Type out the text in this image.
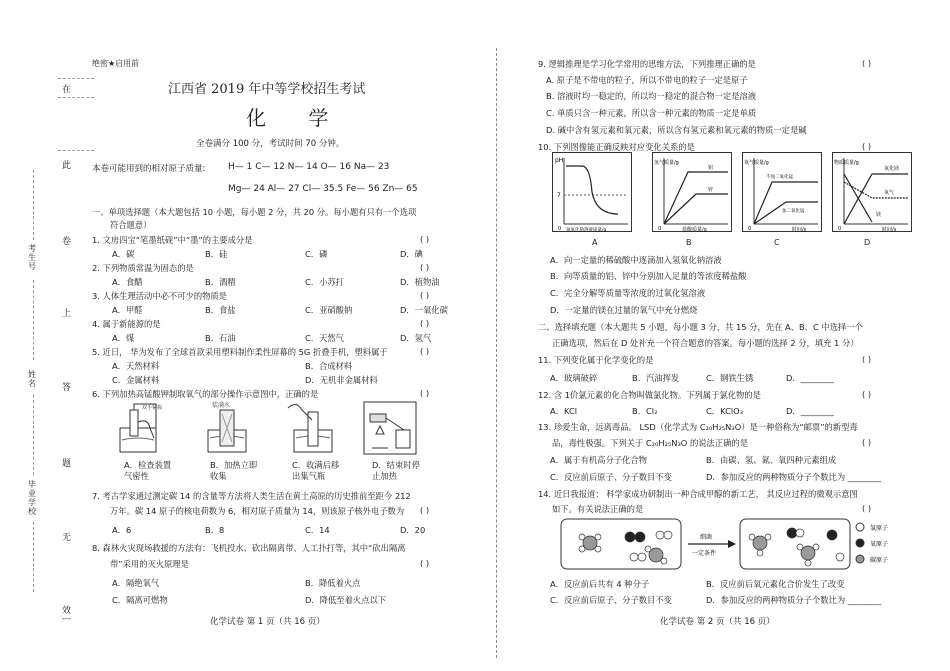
在
此
卷
上
答
题
无
效
---
考生号
姓名
毕业学校
绝密★启用前
江西省 2019 年中等学校招生考试
化 学
全卷满分 100 分，考试时间 70 分钟。
本卷可能用到的相对原子质量:	H— 1 C— 12 N— 14 O— 16 Na— 23
Mg— 24 Al— 27 Cl— 35.5 Fe— 56 Zn— 65
一、单项选择题（本大题包括 10 小题，每小题 2 分，共 20 分。每小题有只有一个选项
符合题意）
1. 文房四宝“笔墨纸砚”中“墨”的主要成分是	( )
A．碳	B．硅	C．磷	D．碘
2. 下列物质常温为固态的是	( )
A．食醋	B．酒精	C．小苏打	D．植物油
3. 人体生理活动中必不可少的物质是	( )
A．甲醛	B．食盐	C．亚硝酸钠	D．一氧化碳
4. 属于新能源的是	( )
A．煤	B．石油	C．天然气	D．氢气
5. 近日， 华为发布了全球首款采用塑料制作柔性屏幕的 5G 折叠手机，塑料属于	( )
A．天然材料	B．合成材料
C．金属材料	D．无机非金属材料
6. 下列加热高锰酸钾制取氧气的部分操作示意图中，正确的是	( )
双手紧握	装满水
A．检查装置
气密性
B．加热立即
收集
C．收满后移
出集气瓶
D．结束时停
止加热
7. 考古学家通过测定碳 14 的含量等方法将人类生活在黄土高原的历史推前至距今 212
万年。碳 14 原子的核电荷数为 6，相对原子质量为 14，则该原子核外电子数为 ( )
A．6	B．8	C．14	D．20
8. 森林火灾现场救援的方法有：飞机投水、砍出隔离带、人工扑打等，其中“砍出隔离
带”采用的灭火原理是	( )
A．隔绝氧气	B．降低着火点
C．隔离可燃物	D．降低至着火点以下
化学试卷 第 1 页（共 16 页）
9. 逻辑推理是学习化学常用的思维方法，下列推理正确的是	( )
A. 原子是不带电的粒子，所以不带电的粒子一定是原子
B. 溶液时均一稳定的，所以均一稳定的混合物一定是溶液
C. 单质只含一种元素，所以含一种元素的物质一定是单质
D. 碱中含有氢元素和氧元素，所以含有氢元素和氧元素的物质一定是碱
10. 下列图像能正确反映对应变化关系的是	( )
pH
7
0 氢氧化钠溶液质量/g
氢气质量/g
0
铝
锌
盐酸质量/g
氧气质量/g
0
不加二氧化锰
加二氧化锰
时间/s
物质质量/g
0
氧化镁
氧气
镁
时间/s
A	B	C	D
A．向一定量的稀硫酸中逐滴加入氢氧化钠溶液
B．向等质量的铝、锌中分别加入足量的等浓度稀盐酸
C．完全分解等质量等浓度的过氧化氢溶液
D．一定量的镁在过量的氧气中充分燃烧
二、选择填充题（本大题共 5 小题，每小题 3 分，共 15 分，先在 A、B、C 中选择一个
正确选项，然后在 D 处补充一个符合题意的答案。每小题的选择 2 分，填充 1 分）
11. 下列变化属于化学变化的是	( )
A．玻璃破碎	B．汽油挥发	C．钢铁生锈	D．________
12. 含 1价氯元素的化合物叫做氯化物。下列属于氯化物的是	( )
A．KCl	B．Cl₂	C．KClO₃	D．________
13. 珍爱生命，远离毒品。 LSD（化学式为 C₂₀H₂₅N₃O）是一种俗称为“邮票”的新型毒
品，毒性极强。下列关于 C₂₀H₂₅N₃O 的说法正确的是	( )
A．属于有机高分子化合物	B．由碳、氢、氮、氧四种元素组成
C．反应前后原子、分子数目不变	D．参加反应的两种物质分子个数比为 ________
14. 近日我报道： 科学家成功研制出一种合成甲醇的新工艺， 其反应过程的微观示意图
如下。有关说法正确的是	( )
细菌
一定条件
氢原子
氧原子
碳原子
A．反应前后共有 4 种分子	B．反应前后氧元素化合价发生了改变
C．反应前后原子、分子数目不变	D．参加反应的两种物质分子个数比为 ________
化学试卷 第 2 页（共 16 页）
